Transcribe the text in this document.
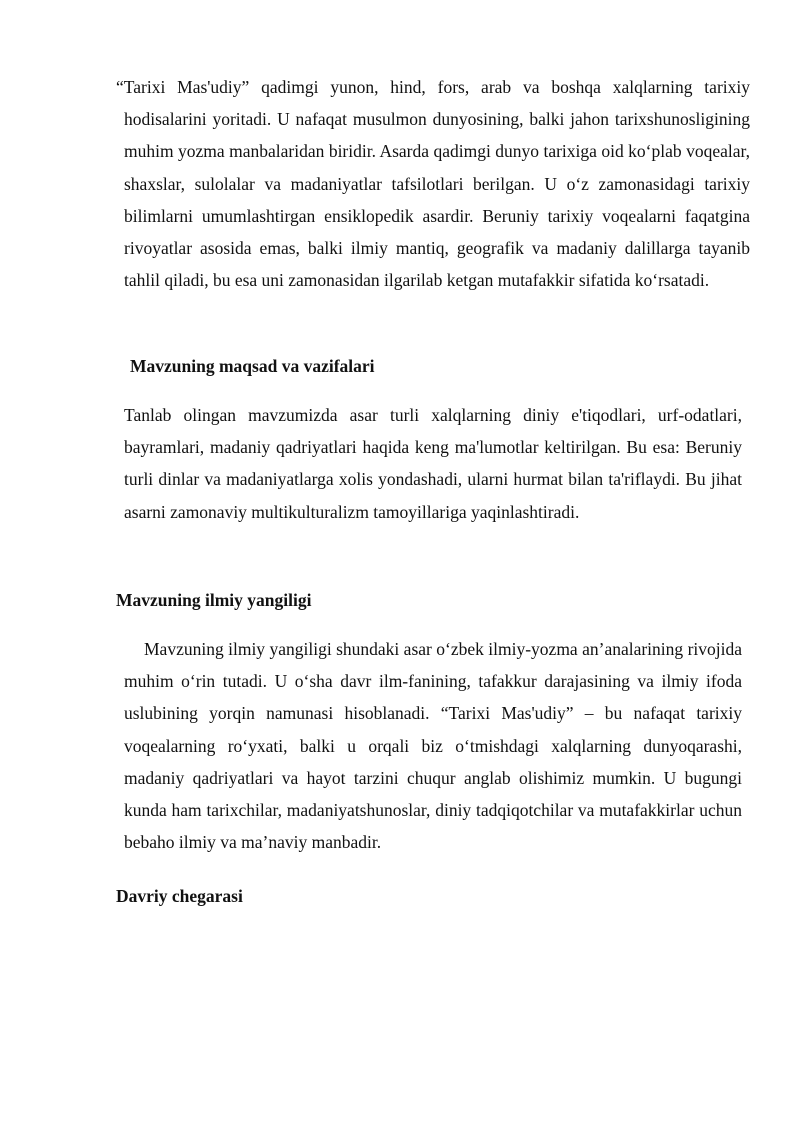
“Tarixi Mas'udiy” qadimgi yunon, hind, fors, arab va boshqa xalqlarning tarixiy hodisalarini yoritadi. U nafaqat musulmon dunyosining, balki jahon tarixshunosligining muhim yozma manbalaridan biridir. Asarda qadimgi dunyo tarixiga oid ko‘plab voqealar, shaxslar, sulolalar va madaniyatlar tafsilotlari berilgan. U o‘z zamonasidagi tarixiy bilimlarni umumlashtirgan ensiklopedik asardir. Beruniy tarixiy voqealarni faqatgina rivoyatlar asosida emas, balki ilmiy mantiq, geografik va madaniy dalillarga tayanib tahlil qiladi, bu esa uni zamonasidan ilgarilab ketgan mutafakkir sifatida ko‘rsatadi.

Mavzuning maqsad va vazifalari

Tanlab olingan mavzumizda asar turli xalqlarning diniy e'tiqodlari, urf-odatlari, bayramlari, madaniy qadriyatlari haqida keng ma'lumotlar keltirilgan. Bu esa: Beruniy turli dinlar va madaniyatlarga xolis yondashadi, ularni hurmat bilan ta'riflaydi. Bu jihat asarni zamonaviy multikulturalizm tamoyillariga yaqinlashtiradi.

Mavzuning ilmiy yangiligi

Mavzuning ilmiy yangiligi shundaki asar o‘zbek ilmiy-yozma an’analarining rivojida muhim o‘rin tutadi. U o‘sha davr ilm-fanining, tafakkur darajasining va ilmiy ifoda uslubining yorqin namunasi hisoblanadi. “Tarixi Mas'udiy” – bu nafaqat tarixiy voqealarning ro‘yxati, balki u orqali biz o‘tmishdagi xalqlarning dunyoqarashi, madaniy qadriyatlari va hayot tarzini chuqur anglab olishimiz mumkin. U bugungi kunda ham tarixchilar, madaniyatshunoslar, diniy tadqiqotchilar va mutafakkirlar uchun bebaho ilmiy va ma’naviy manbadir.

Davriy chegarasi
